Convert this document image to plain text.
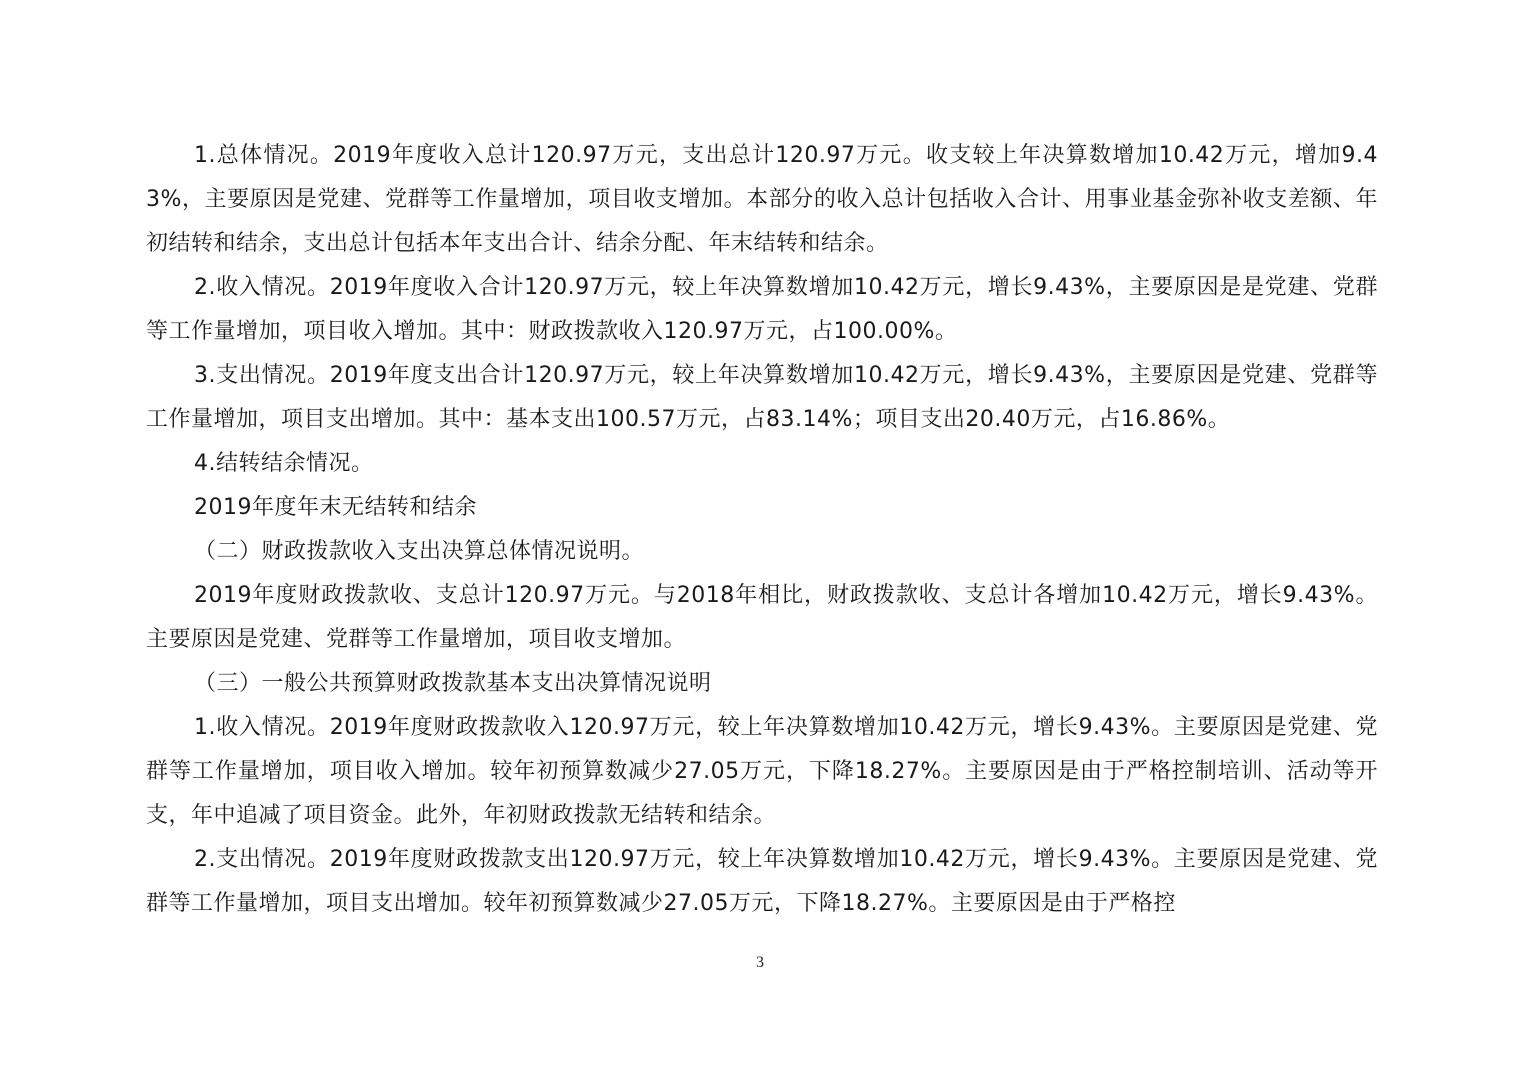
1.总体情况。2019年度收入总计120.97万元，支出总计120.97万元。收支较上年决算数增加10.42万元，增加9.43%，主要原因是党建、党群等工作量增加，项目收支增加。本部分的收入总计包括收入合计、用事业基金弥补收支差额、年初结转和结余，支出总计包括本年支出合计、结余分配、年末结转和结余。

2.收入情况。2019年度收入合计120.97万元，较上年决算数增加10.42万元，增长9.43%，主要原因是是党建、党群等工作量增加，项目收入增加。其中：财政拨款收入120.97万元，占100.00%。

3.支出情况。2019年度支出合计120.97万元，较上年决算数增加10.42万元，增长9.43%，主要原因是党建、党群等工作量增加，项目支出增加。其中：基本支出100.57万元，占83.14%；项目支出20.40万元，占16.86%。

4.结转结余情况。

2019年度年末无结转和结余

（二）财政拨款收入支出决算总体情况说明。

2019年度财政拨款收、支总计120.97万元。与2018年相比，财政拨款收、支总计各增加10.42万元，增长9.43%。主要原因是党建、党群等工作量增加，项目收支增加。

（三）一般公共预算财政拨款基本支出决算情况说明

1.收入情况。2019年度财政拨款收入120.97万元，较上年决算数增加10.42万元，增长9.43%。主要原因是党建、党群等工作量增加，项目收入增加。较年初预算数减少27.05万元，下降18.27%。主要原因是由于严格控制培训、活动等开支，年中追减了项目资金。此外，年初财政拨款无结转和结余。

2.支出情况。2019年度财政拨款支出120.97万元，较上年决算数增加10.42万元，增长9.43%。主要原因是党建、党群等工作量增加，项目支出增加。较年初预算数减少27.05万元，下降18.27%。主要原因是由于严格控

3
